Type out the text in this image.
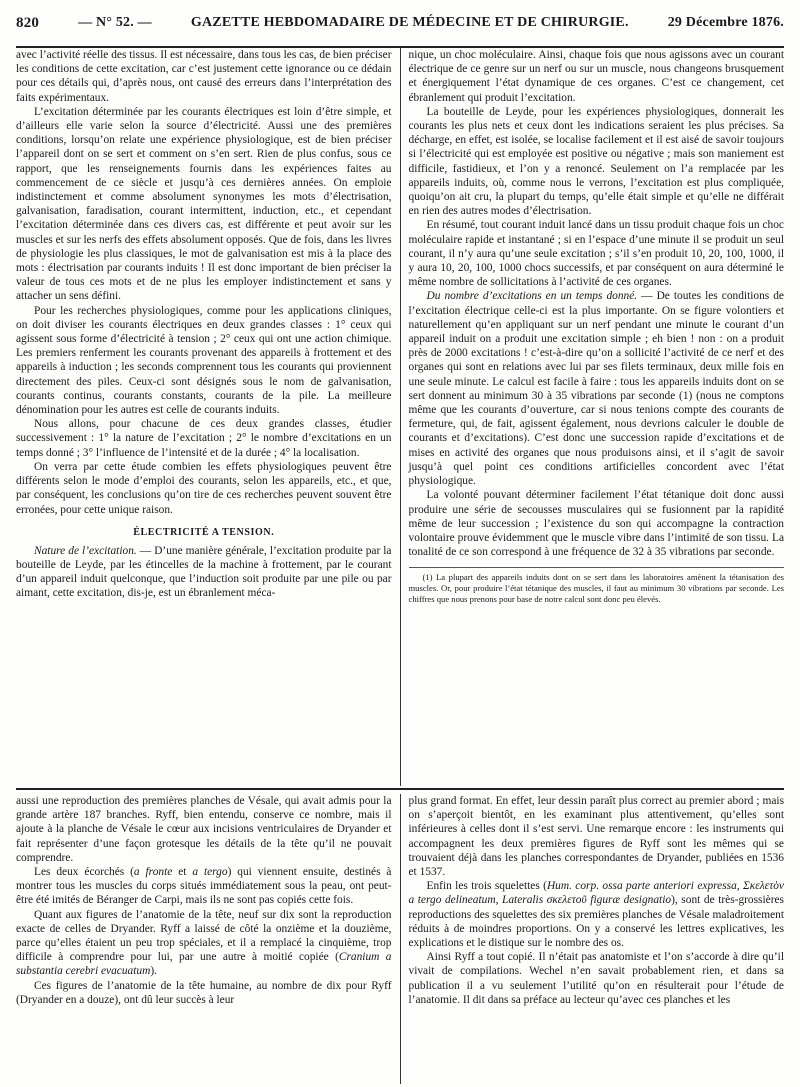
820	— N° 52. —	GAZETTE HEBDOMADAIRE DE MÉDECINE ET DE CHIRURGIE.	29 Décembre 1876.

avec l’activité réelle des tissus. Il est nécessaire, dans tous les cas, de bien préciser les conditions de cette excitation, car c’est justement cette ignorance ou ce dédain pour ces détails qui, d’après nous, ont causé des erreurs dans l’interprétation des faits expérimentaux.

L’excitation déterminée par les courants électriques est loin d’être simple, et d’ailleurs elle varie selon la source d’électricité. Aussi une des premières conditions, lorsqu’on relate une expérience physiologique, est de bien préciser l’appareil dont on se sert et comment on s’en sert. Rien de plus confus, sous ce rapport, que les renseignements fournis dans les expériences faites au commencement de ce siècle et jusqu’à ces dernières années. On emploie indistinctement et comme absolument synonymes les mots d’électrisation, galvanisation, faradisation, courant intermittent, induction, etc., et cependant l’excitation déterminée dans ces divers cas, est différente et peut avoir sur les muscles et sur les nerfs des effets absolument opposés. Que de fois, dans les livres de physiologie les plus classiques, le mot de galvanisation est mis à la place des mots : électrisation par courants induits ! Il est donc important de bien préciser la valeur de tous ces mots et de ne plus les employer indistinctement et sans y attacher un sens défini.

Pour les recherches physiologiques, comme pour les applications cliniques, on doit diviser les courants électriques en deux grandes classes : 1° ceux qui agissent sous forme d’électricité à tension ; 2° ceux qui ont une action chimique. Les premiers renferment les courants provenant des appareils à frottement et des appareils à induction ; les seconds comprennent tous les courants qui proviennent directement des piles. Ceux-ci sont désignés sous le nom de galvanisation, courants continus, courants constants, courants de la pile. La meilleure dénomination pour les autres est celle de courants induits.

Nous allons, pour chacune de ces deux grandes classes, étudier successivement : 1° la nature de l’excitation ; 2° le nombre d’excitations en un temps donné ; 3° l’influence de l’intensité et de la durée ; 4° la localisation.

On verra par cette étude combien les effets physiologiques peuvent être différents selon le mode d’emploi des courants, selon les appareils, etc., et que, par conséquent, les conclusions qu’on tire de ces recherches peuvent souvent être erronées, pour cette unique raison.

ÉLECTRICITÉ A TENSION.

Nature de l’excitation. — D’une manière générale, l’excitation produite par la bouteille de Leyde, par les étincelles de la machine à frottement, par le courant d’un appareil induit quelconque, que l’induction soit produite par une pile ou par aimant, cette excitation, dis-je, est un ébranlement méca-

nique, un choc moléculaire. Ainsi, chaque fois que nous agissons avec un courant électrique de ce genre sur un nerf ou sur un muscle, nous changeons brusquement et énergiquement l’état dynamique de ces organes. C’est ce changement, cet ébranlement qui produit l’excitation.

La bouteille de Leyde, pour les expériences physiologiques, donnerait les courants les plus nets et ceux dont les indications seraient les plus précises. Sa décharge, en effet, est isolée, se localise facilement et il est aisé de savoir toujours si l’électricité qui est employée est positive ou négative ; mais son maniement est difficile, fastidieux, et l’on y a renoncé. Seulement on l’a remplacée par les appareils induits, où, comme nous le verrons, l’excitation est plus compliquée, quoiqu’on ait cru, la plupart du temps, qu’elle était simple et qu’elle ne différait en rien des autres modes d’électrisation.

En résumé, tout courant induit lancé dans un tissu produit chaque fois un choc moléculaire rapide et instantané ; si en l’espace d’une minute il se produit un seul courant, il n’y aura qu’une seule excitation ; s’il s’en produit 10, 20, 100, 1000, il y aura 10, 20, 100, 1000 chocs successifs, et par conséquent on aura déterminé le même nombre de sollicitations à l’activité de ces organes.

Du nombre d’excitations en un temps donné. — De toutes les conditions de l’excitation électrique celle-ci est la plus importante. On se figure volontiers et naturellement qu’en appliquant sur un nerf pendant une minute le courant d’un appareil induit on a produit une excitation simple ; eh bien ! non : on a produit près de 2000 excitations ! c’est-à-dire qu’on a sollicité l’activité de ce nerf et des organes qui sont en relations avec lui par ses filets terminaux, deux mille fois en une seule minute. Le calcul est facile à faire : tous les appareils induits dont on se sert donnent au minimum 30 à 35 vibrations par seconde (1) (nous ne comptons même que les courants d’ouverture, car si nous tenions compte des courants de fermeture, qui, de fait, agissent également, nous devrions calculer le double de courants et d’excitations). C’est donc une succession rapide d’excitations et de mises en activité des organes que nous produisons ainsi, et il s’agit de savoir jusqu’à quel point ces conditions artificielles concordent avec l’état physiologique.

La volonté pouvant déterminer facilement l’état tétanique doit donc aussi produire une série de secousses musculaires qui se fusionnent par la rapidité même de leur succession ; l’existence du son qui accompagne la contraction volontaire prouve évidemment que le muscle vibre dans l’intimité de son tissu. La tonalité de ce son correspond à une fréquence de 32 à 35 vibrations par seconde.

(1) La plupart des appareils induits dont on se sert dans les laboratoires amènent la tétanisation des muscles. Or, pour produire l’état tétanique des muscles, il faut au minimum 30 vibrations par seconde. Les chiffres que nous prenons pour base de notre calcul sont donc peu élevés.

aussi une reproduction des premières planches de Vésale, qui avait admis pour la grande artère 187 branches. Ryff, bien entendu, conserve ce nombre, mais il ajoute à la planche de Vésale le cœur aux incisions ventriculaires de Dryander et fait représenter d’une façon grotesque les détails de la tête qu’il ne pouvait comprendre.

Les deux écorchés (a fronte et a tergo) qui viennent ensuite, destinés à montrer tous les muscles du corps situés immédiatement sous la peau, ont peut-être été imités de Béranger de Carpi, mais ils ne sont pas copiés cette fois.

Quant aux figures de l’anatomie de la tête, neuf sur dix sont la reproduction exacte de celles de Dryander. Ryff a laissé de côté la onzième et la douzième, parce qu’elles étaient un peu trop spéciales, et il a remplacé la cinquième, trop difficile à comprendre pour lui, par une autre à moitié copiée (Cranium a substantia cerebri evacuatum).

Ces figures de l’anatomie de la tête humaine, au nombre de dix pour Ryff (Dryander en a douze), ont dû leur succès à leur

plus grand format. En effet, leur dessin paraît plus correct au premier abord ; mais on s’aperçoit bientôt, en les examinant plus attentivement, qu’elles sont inférieures à celles dont il s’est servi. Une remarque encore : les instruments qui accompagnent les deux premières figures de Ryff sont les mêmes qui se trouvaient déjà dans les planches correspondantes de Dryander, publiées en 1536 et 1537.

Enfin les trois squelettes (Hum. corp. ossa parte anteriori expressa, Σκελετὸν a tergo delineatum, Lateralis σκελετοῦ figuræ designatio), sont de très-grossières reproductions des squelettes des six premières planches de Vésale maladroitement réduits à de moindres proportions. On y a conservé les lettres explicatives, les explications et le distique sur le nombre des os.

Ainsi Ryff a tout copié. Il n’était pas anatomiste et l’on s’accorde à dire qu’il vivait de compilations. Wechel n’en savait probablement rien, et dans sa publication il a vu seulement l’utilité qu’on en résulterait pour l’étude de l’anatomie. Il dit dans sa préface au lecteur qu’avec ces planches et les
